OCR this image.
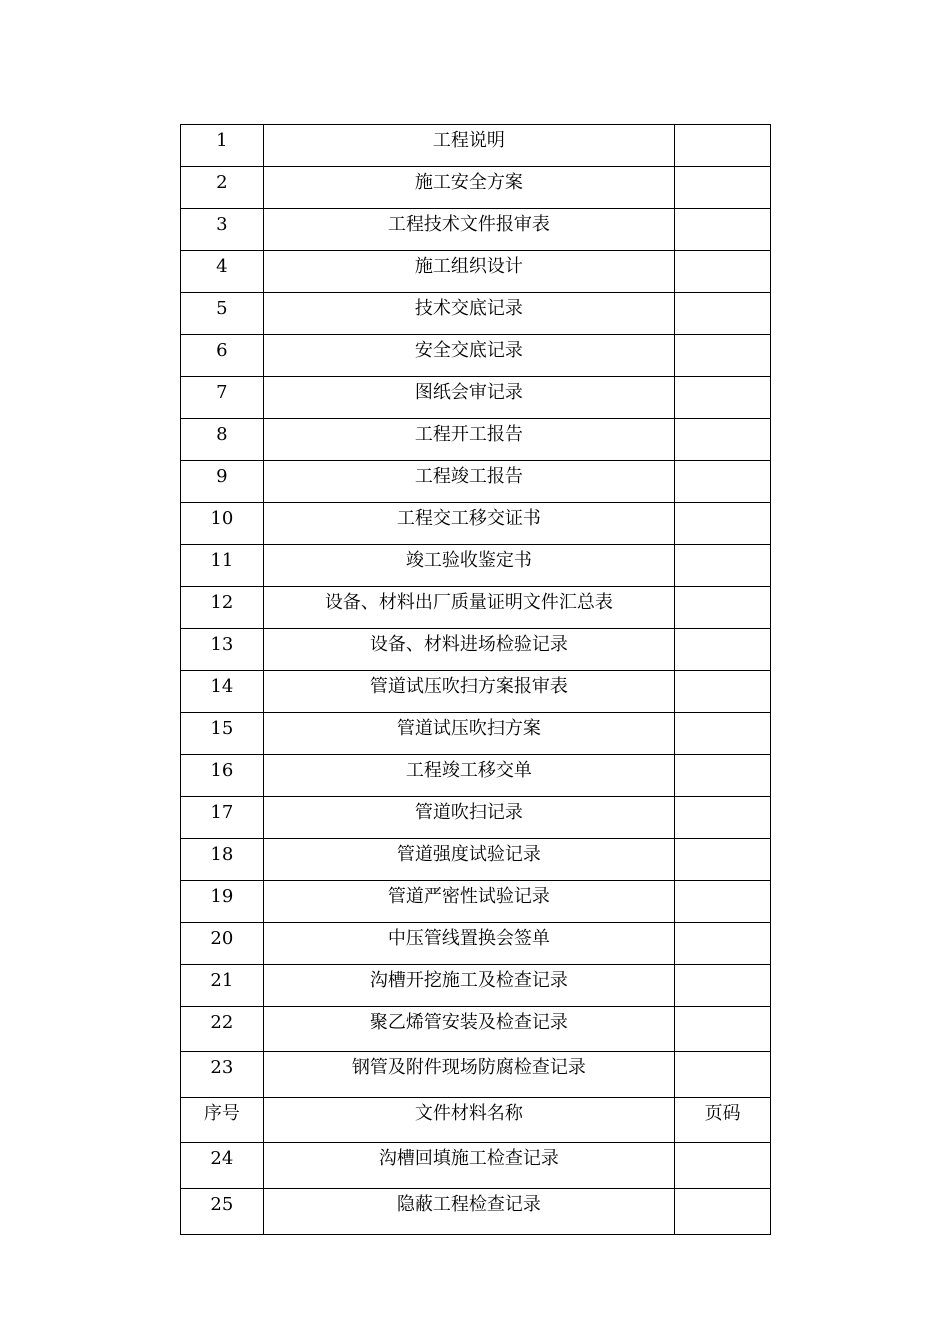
1	工程说明	
2	施工安全方案	
3	工程技术文件报审表	
4	施工组织设计	
5	技术交底记录	
6	安全交底记录	
7	图纸会审记录	
8	工程开工报告	
9	工程竣工报告	
10	工程交工移交证书	
11	竣工验收鉴定书	
12	设备、材料出厂质量证明文件汇总表	
13	设备、材料进场检验记录	
14	管道试压吹扫方案报审表	
15	管道试压吹扫方案	
16	工程竣工移交单	
17	管道吹扫记录	
18	管道强度试验记录	
19	管道严密性试验记录	
20	中压管线置换会签单	
21	沟槽开挖施工及检查记录	
22	聚乙烯管安装及检查记录	
23	钢管及附件现场防腐检查记录	
序号	文件材料名称	页码
24	沟槽回填施工检查记录	
25	隐蔽工程检查记录	
